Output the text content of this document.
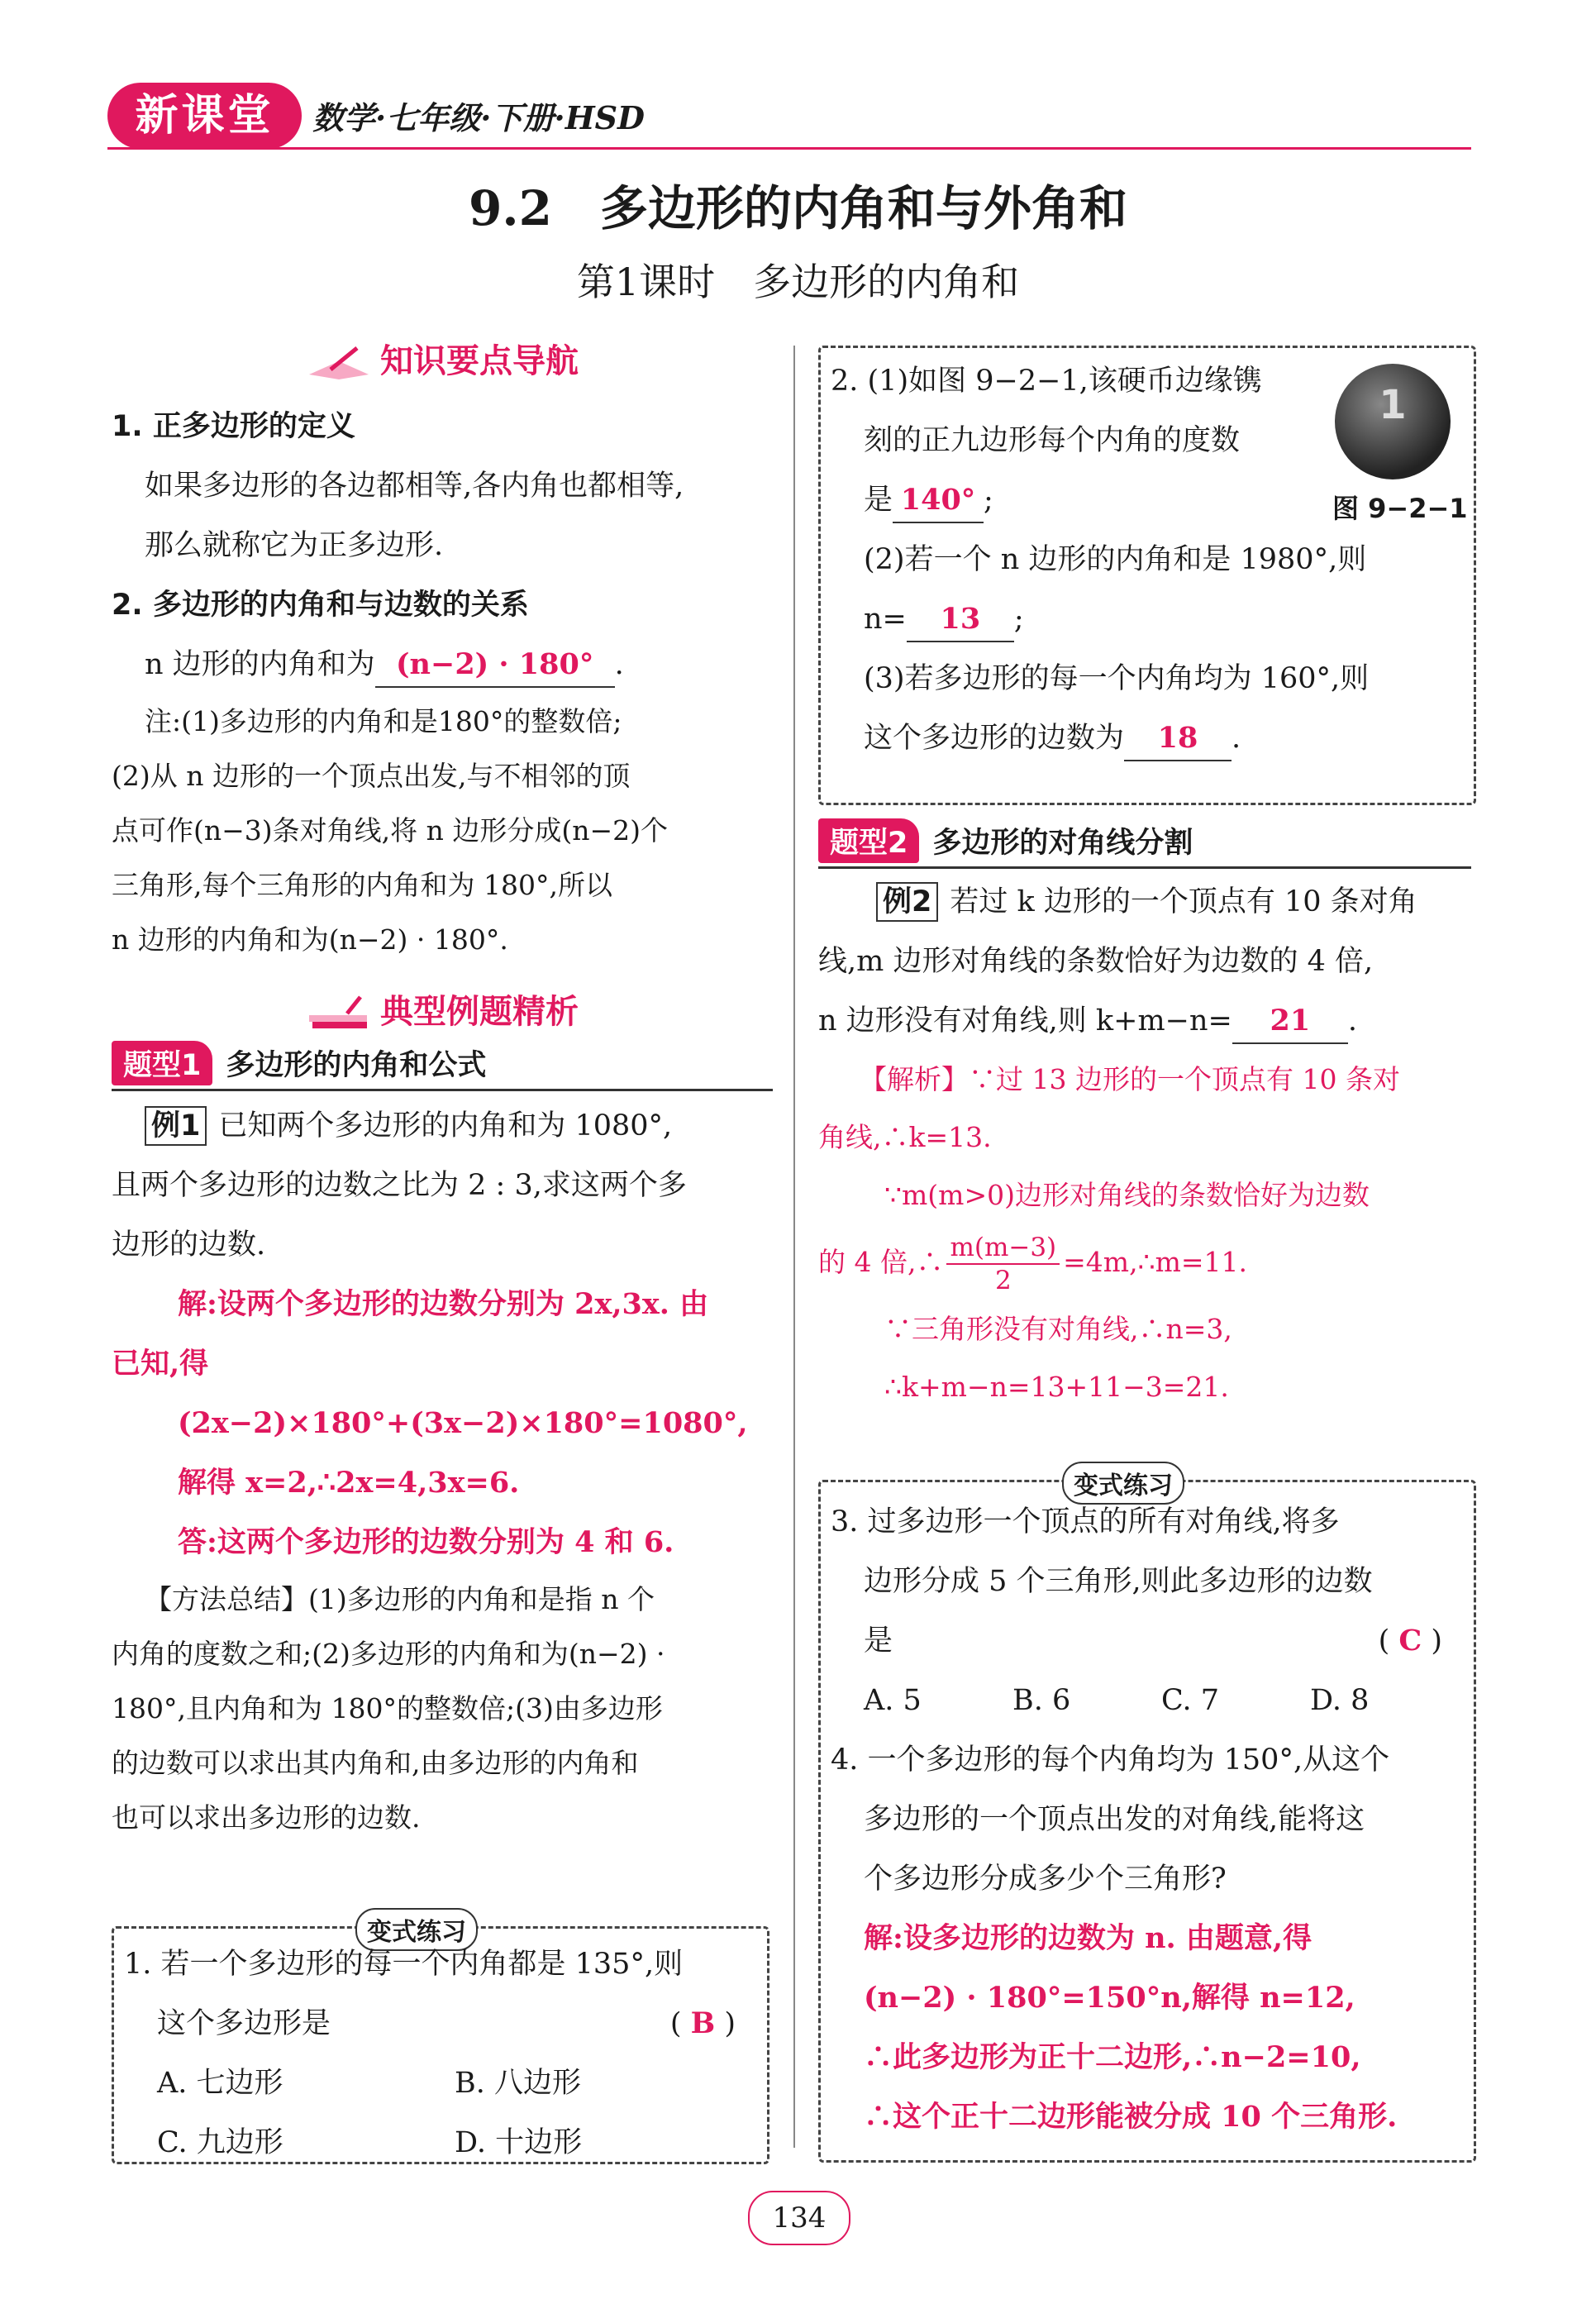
新课堂	数学·七年级·下册·HSD
9.2　多边形的内角和与外角和
第1课时　多边形的内角和
知识要点导航
1. 正多边形的定义
如果多边形的各边都相等,各内角也都相等,
那么就称它为正多边形.
2. 多边形的内角和与边数的关系
n 边形的内角和为 (n−2) · 180° .
注:(1)多边形的内角和是180°的整数倍;
(2)从 n 边形的一个顶点出发,与不相邻的顶
点可作(n−3)条对角线,将 n 边形分成(n−2)个
三角形,每个三角形的内角和为 180°,所以
n 边形的内角和为(n−2) · 180°.
典型例题精析
题型1 多边形的内角和公式
例1 已知两个多边形的内角和为 1080°,
且两个多边形的边数之比为 2 : 3,求这两个多
边形的边数.
解:设两个多边形的边数分别为 2x,3x. 由
已知,得
(2x−2)×180°+(3x−2)×180°=1080°,
解得 x=2,∴2x=4,3x=6.
答:这两个多边形的边数分别为 4 和 6.
【方法总结】(1)多边形的内角和是指 n 个
内角的度数之和;(2)多边形的内角和为(n−2) ·
180°,且内角和为 180°的整数倍;(3)由多边形
的边数可以求出其内角和,由多边形的内角和
也可以求出多边形的边数.
变式练习
1. 若一个多边形的每一个内角都是 135°,则
这个多边形是	( B )
A. 七边形	B. 八边形
C. 九边形	D. 十边形
2. (1)如图 9−2−1,该硬币边缘镌
刻的正九边形每个内角的度数
是 140° ;
(2)若一个 n 边形的内角和是 1980°,则
n= 13 ;
(3)若多边形的每一个内角均为 160°,则
这个多边形的边数为 18 .
1
图 9−2−1
题型2 多边形的对角线分割
例2 若过 k 边形的一个顶点有 10 条对角
线,m 边形对角线的条数恰好为边数的 4 倍,
n 边形没有对角线,则 k+m−n= 21 .
【解析】∵过 13 边形的一个顶点有 10 条对
角线,∴k=13.
∵m(m>0)边形对角线的条数恰好为边数
的 4 倍,∴ $\frac{m(m-3)}{2}$ =4m,∴m=11.
∵三角形没有对角线,∴n=3,
∴k+m−n=13+11−3=21.
变式练习
3. 过多边形一个顶点的所有对角线,将多
边形分成 5 个三角形,则此多边形的边数
是	( C )
A. 5	B. 6	C. 7	D. 8
4. 一个多边形的每个内角均为 150°,从这个
多边形的一个顶点出发的对角线,能将这
个多边形分成多少个三角形?
解:设多边形的边数为 n. 由题意,得
(n−2) · 180°=150°n,解得 n=12,
∴此多边形为正十二边形,∴n−2=10,
∴这个正十二边形能被分成 10 个三角形.
134
